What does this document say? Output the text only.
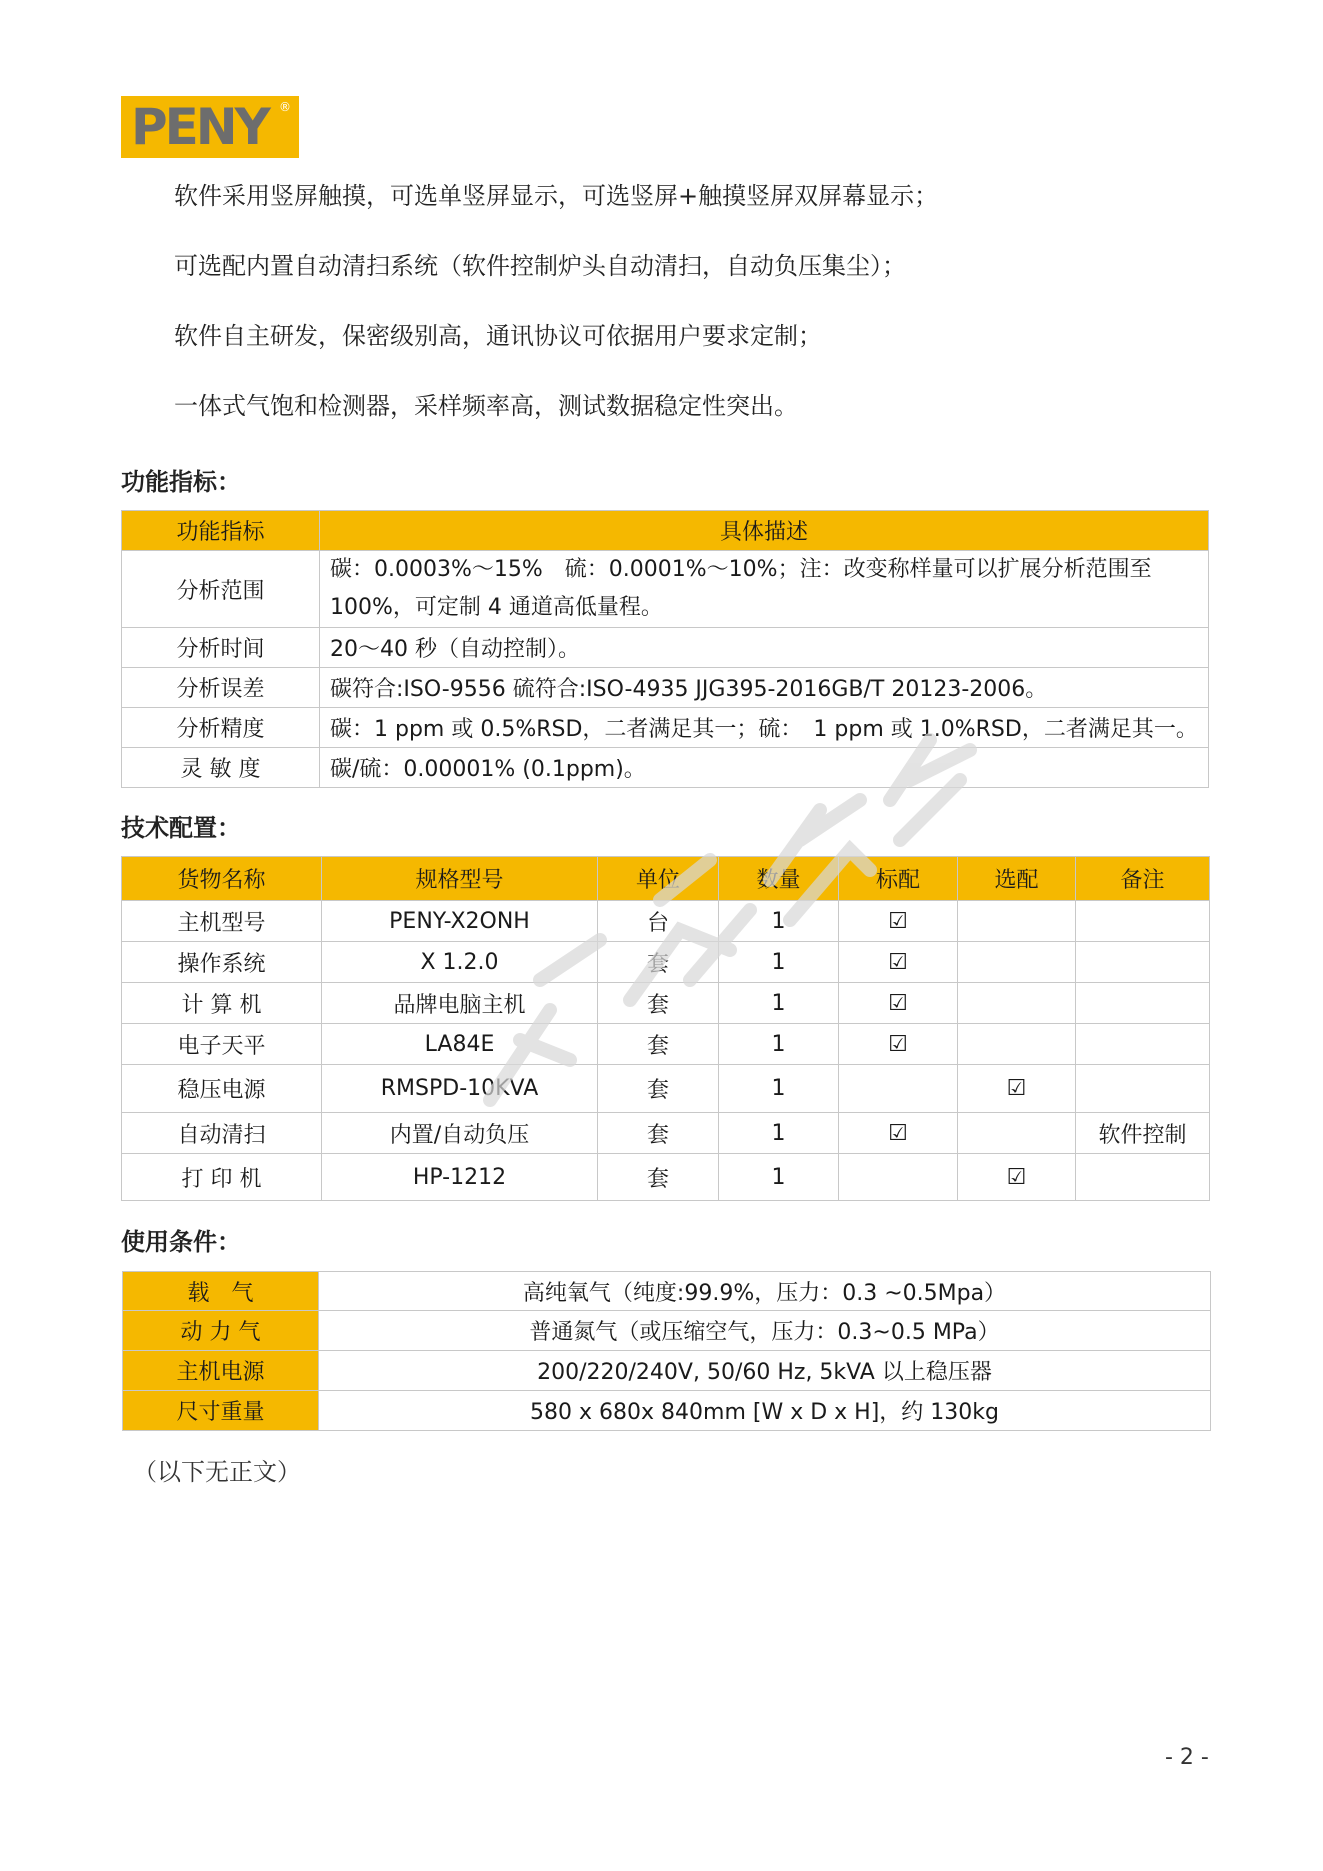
PENY ®
软件采用竖屏触摸，可选单竖屏显示，可选竖屏+触摸竖屏双屏幕显示；
可选配内置自动清扫系统（软件控制炉头自动清扫，自动负压集尘）；
软件自主研发，保密级别高，通讯协议可依据用户要求定制；
一体式气饱和检测器，采样频率高，测试数据稳定性突出。
功能指标：
功能指标	具体描述
分析范围	碳：0.0003%～15%　硫：0.0001%～10%；注：改变称样量可以扩展分析范围至 100%，可定制 4 通道高低量程。
分析时间	20～40 秒（自动控制）。
分析误差	碳符合:ISO-9556 硫符合:ISO-4935 JJG395-2016GB/T 20123-2006。
分析精度	碳：1 ppm 或 0.5%RSD，二者满足其一；硫：　1 ppm 或 1.0%RSD，二者满足其一。
灵 敏 度	碳/硫：0.00001% (0.1ppm)。
技术配置：
货物名称	规格型号	单位	数量	标配	选配	备注
主机型号	PENY-X2ONH	台	1	☑		
操作系统	X 1.2.0	套	1	☑		
计 算 机	品牌电脑主机	套	1	☑		
电子天平	LA84E	套	1	☑		
稳压电源	RMSPD-10KVA	套	1		☑	
自动清扫	内置/自动负压	套	1	☑		软件控制
打 印 机	HP-1212	套	1		☑	
使用条件：
载　气	高纯氧气（纯度:99.9%，压力：0.3 ~0.5Mpa）
动 力 气	普通氮气（或压缩空气，压力：0.3~0.5 MPa）
主机电源	200/220/240V, 50/60 Hz, 5kVA 以上稳压器
尺寸重量	580 x 680x 840mm [W x D x H]，约 130kg
（以下无正文）
- 2 -
